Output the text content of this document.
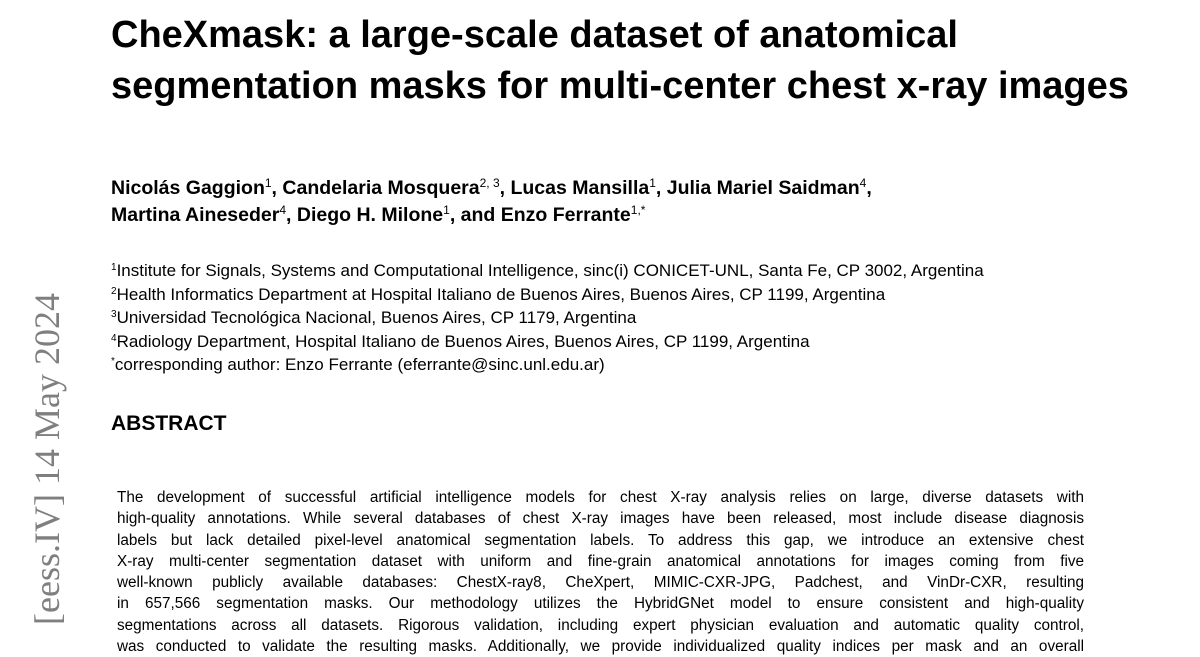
[eess.IV] 14 May 2024
CheXmask: a large-scale dataset of anatomical segmentation masks for multi-center chest x-ray images
Nicolás Gaggion$^1$, Candelaria Mosquera$^{2, 3}$, Lucas Mansilla$^1$, Julia Mariel Saidman$^4$,
Martina Aineseder$^4$, Diego H. Milone$^1$, and Enzo Ferrante$^{1,*}$
$^1$Institute for Signals, Systems and Computational Intelligence, sinc(i) CONICET-UNL, Santa Fe, CP 3002, Argentina
$^2$Health Informatics Department at Hospital Italiano de Buenos Aires, Buenos Aires, CP 1199, Argentina
$^3$Universidad Tecnológica Nacional, Buenos Aires, CP 1179, Argentina
$^4$Radiology Department, Hospital Italiano de Buenos Aires, Buenos Aires, CP 1199, Argentina
*corresponding author: Enzo Ferrante (eferrante@sinc.unl.edu.ar)
ABSTRACT
The development of successful artificial intelligence models for chest X-ray analysis relies on large, diverse datasets with
high-quality annotations. While several databases of chest X-ray images have been released, most include disease diagnosis
labels but lack detailed pixel-level anatomical segmentation labels. To address this gap, we introduce an extensive chest
X-ray multi-center segmentation dataset with uniform and fine-grain anatomical annotations for images coming from five
well-known publicly available databases: ChestX-ray8, CheXpert, MIMIC-CXR-JPG, Padchest, and VinDr-CXR, resulting
in 657,566 segmentation masks. Our methodology utilizes the HybridGNet model to ensure consistent and high-quality
segmentations across all datasets. Rigorous validation, including expert physician evaluation and automatic quality control,
was conducted to validate the resulting masks. Additionally, we provide individualized quality indices per mask and an overall
